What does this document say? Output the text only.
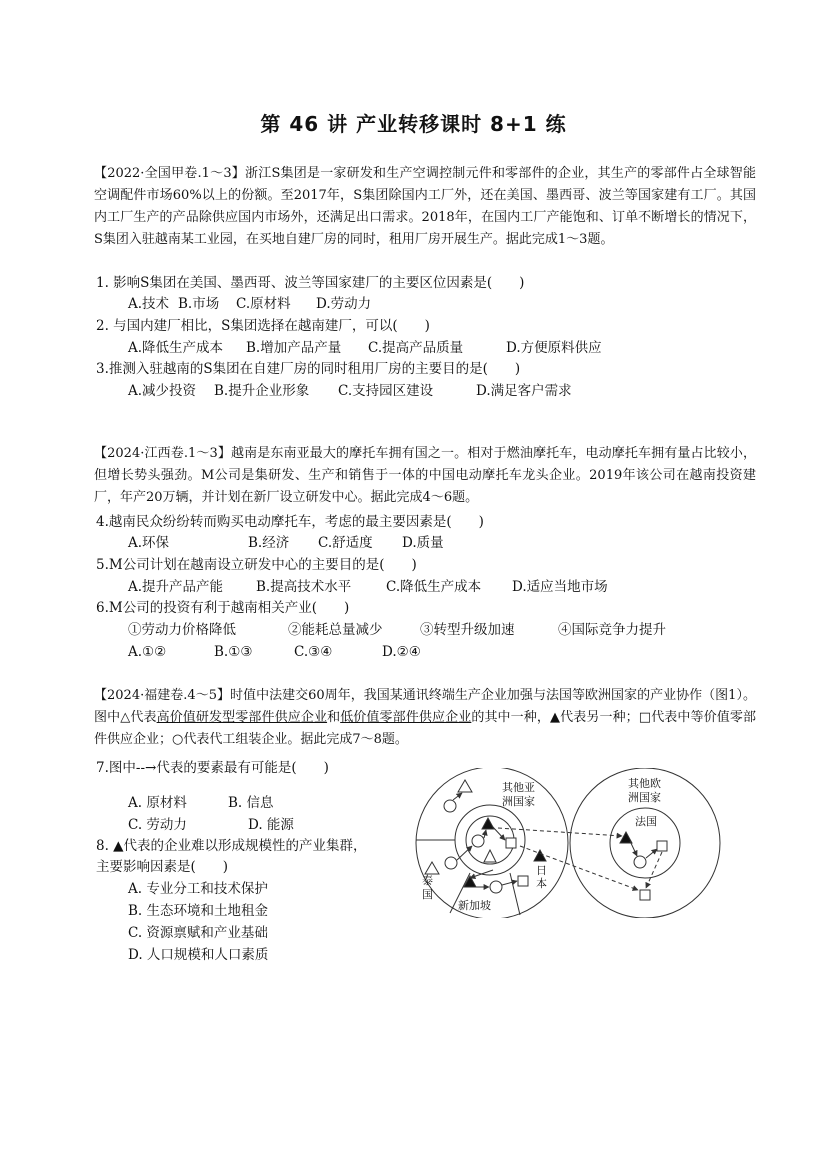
第 46 讲 产业转移课时 8+1 练
【2022·全国甲卷.1～3】浙江S集团是一家研发和生产空调控制元件和零部件的企业，其生产的零部件占全球智能空调配件市场60%以上的份额。至2017年，S集团除国内工厂外，还在美国、墨西哥、波兰等国家建有工厂。其国内工厂生产的产品除供应国内市场外，还满足出口需求。2018年，在国内工厂产能饱和、订单不断增长的情况下，S集团入驻越南某工业园，在买地自建厂房的同时，租用厂房开展生产。据此完成1～3题。
1. 影响S集团在美国、墨西哥、波兰等国家建厂的主要区位因素是(　　)
A.技术 B.市场 C.原材料 D.劳动力
2. 与国内建厂相比，S集团选择在越南建厂，可以(　　)
A.降低生产成本 B.增加产品产量 C.提高产品质量	D.方便原料供应
3.推测入驻越南的S集团在自建厂房的同时租用厂房的主要目的是(　　)
A.减少投资 B.提升企业形象 C.支持园区建设	D.满足客户需求
【2024·江西卷.1～3】越南是东南亚最大的摩托车拥有国之一。相对于燃油摩托车，电动摩托车拥有量占比较小，但增长势头强劲。M公司是集研发、生产和销售于一体的中国电动摩托车龙头企业。2019年该公司在越南投资建厂，年产20万辆，并计划在新厂设立研发中心。据此完成4～6题。
4.越南民众纷纷转而购买电动摩托车，考虑的最主要因素是(　　)
A.环保	B.经济 C.舒适度 D.质量
5.M公司计划在越南设立研发中心的主要目的是(　　)
A.提升产品产能 B.提高技术水平	C.降低生产成本 D.适应当地市场
6.M公司的投资有利于越南相关产业(　　)
①劳动力价格降低	②能耗总量减少	③转型升级加速	④国际竞争力提升
A.①②	B.①③	C.③④	D.②④
【2024·福建卷.4～5】时值中法建交60周年，我国某通讯终端生产企业加强与法国等欧洲国家的产业协作（图1）。图中△代表高价值研发型零部件供应企业和低价值零部件供应企业的其中一种，▲代表另一种；□代表中等价值零部件供应企业；○代表代工组装企业。据此完成7～8题。
7.图中--→代表的要素最有可能是(　　)
A. 原材料	B. 信息
C. 劳动力	D. 能源
8. ▲代表的企业难以形成规模性的产业集群，
主要影响因素是(　　)
A. 专业分工和技术保护
B. 生态环境和土地租金
C. 资源禀赋和产业基础
D. 人口规模和人口素质
其他亚
洲国家
其他欧
洲国家
法国
泰
国
新加坡
日
本
